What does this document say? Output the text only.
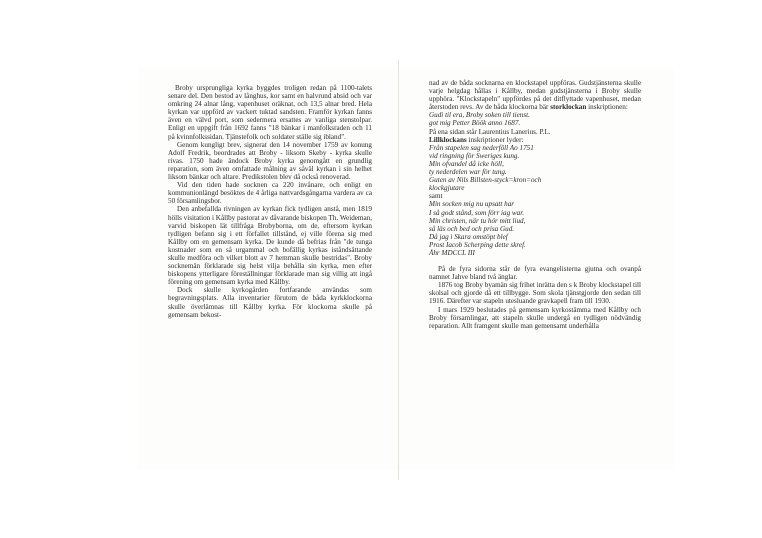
Broby ursprungliga kyrka byggdes troligen redan på 1100-talets senare del. Den bestod av långhus, kor samt en halvrund absid och var omkring 24 alnar lång, vapenhuset oräknat, och 13,5 alnar bred. Hela kyrkan var uppförd av vackert tuktad sandsten. Framför kyrkan fanns även en välvd port, som sedermera ersattes av vanliga stenstolpar. Enligt en uppgift från 1692 fanns "18 bänkar i manfolksraden och 11 på kvinnfolkssidan. Tjänstefolk och soldater ställe sig ibland".

Genom kungligt brev, signerat den 14 november 1759 av konung Adolf Fredrik, beordrades att Broby - liksom Skeby - kyrka skulle rivas. 1750 hade ändock Broby kyrka genomgått en grundlig reparation, som även omfattade målning av såväl kyrkan i sin helhet liksom bänkar och altare. Predikstolen blev då också renoverad.

Vid den tiden hade socknen ca 220 invånare, och enligt en kommunionlängd besöktes de 4 årliga nattvardsgångarna vardera av ca 50 församlingsbor.

Den anbefallda rivningen av kyrkan fick tydligen anstå, men 1819 hölls visitation i Kållby pastorat av dåvarande biskopen Th. Weideman, varvid biskopen lät tillfråga Brobyborna, om de, eftersom kyrkan tydligen befann sig i ett förfallet tillstånd, ej ville förena sig med Kållby om en gemensam kyrka. De kunde då befrias från "de tunga kostnader som en så urgammal och bofällig kyrkas iståndsättande skulle medföra och vilket blott av 7 hemman skulle bestridas". Broby socknemän förklarade sig helst vilja behålla sin kyrka, men efter biskopens ytterligare föreställningar förklarade man sig villig att ingå förening om gemensam kyrka med Kållby.

Dock skulle kyrkogården fortfarande användas som begravningsplats. Alla inventarier förutom de båda kyrkklockorna skulle överlämnas till Kållby kyrka. För klockorna skulle på gemensam bekost-

nad av de båda socknarna en klockstapel uppföras. Gudstjänsterna skulle varje helgdag hållas i Kållby, medan gudstjänsterna i Broby skulle upphöra. "Klockstapeln" uppfördes på det ditflyttade vapenhuset, medan återstoden revs. Av de båda klockorna bär storklockan inskriptionen:

Gudi til era, Broby soken till tienst.
got mig Petter Böök anno 1687.
På ena sidan står Laurentius Lanerius. P.L.
Lillklockans inskriptioner lyder:
Från stapelen sag nederföll Ao 1751
vid ringning för Sweriges kung.
Min ofvandel då icke höll,
ty nederdelen war för tung.
Guten av Nils Billsten-styck=kron=och
klockgjutare
samt
Min socken mig nu upsatt har
I så godt stånd, som förr iag war.
Min christen, när tu hör mitt liud,
så läs och bed och prisa Gud.
Då jag i Skara omstöpt blef
Prost Iacob Scherping dette skref.
Åhr MDCCL III

På de fyra sidorna står de fyra evangelisterna gjutna och ovanpå namnet Jahve bland två änglar.

1876 tog Broby byamän sig frihet inrätta den s k Broby klockstapel till skolsal och gjorde då ett tillbygge. Som skola tjänstgjorde den sedan till 1916. Därefter var stapeln utesluande gravkapell fram till 1930.

I mars 1929 beslutades på gemensam kyrkostämma med Kållby och Broby församlingar, att stapeln skulle undergå en tydligen nödvändig reparation. Allt framgent skulle man gemensamt underhålla
